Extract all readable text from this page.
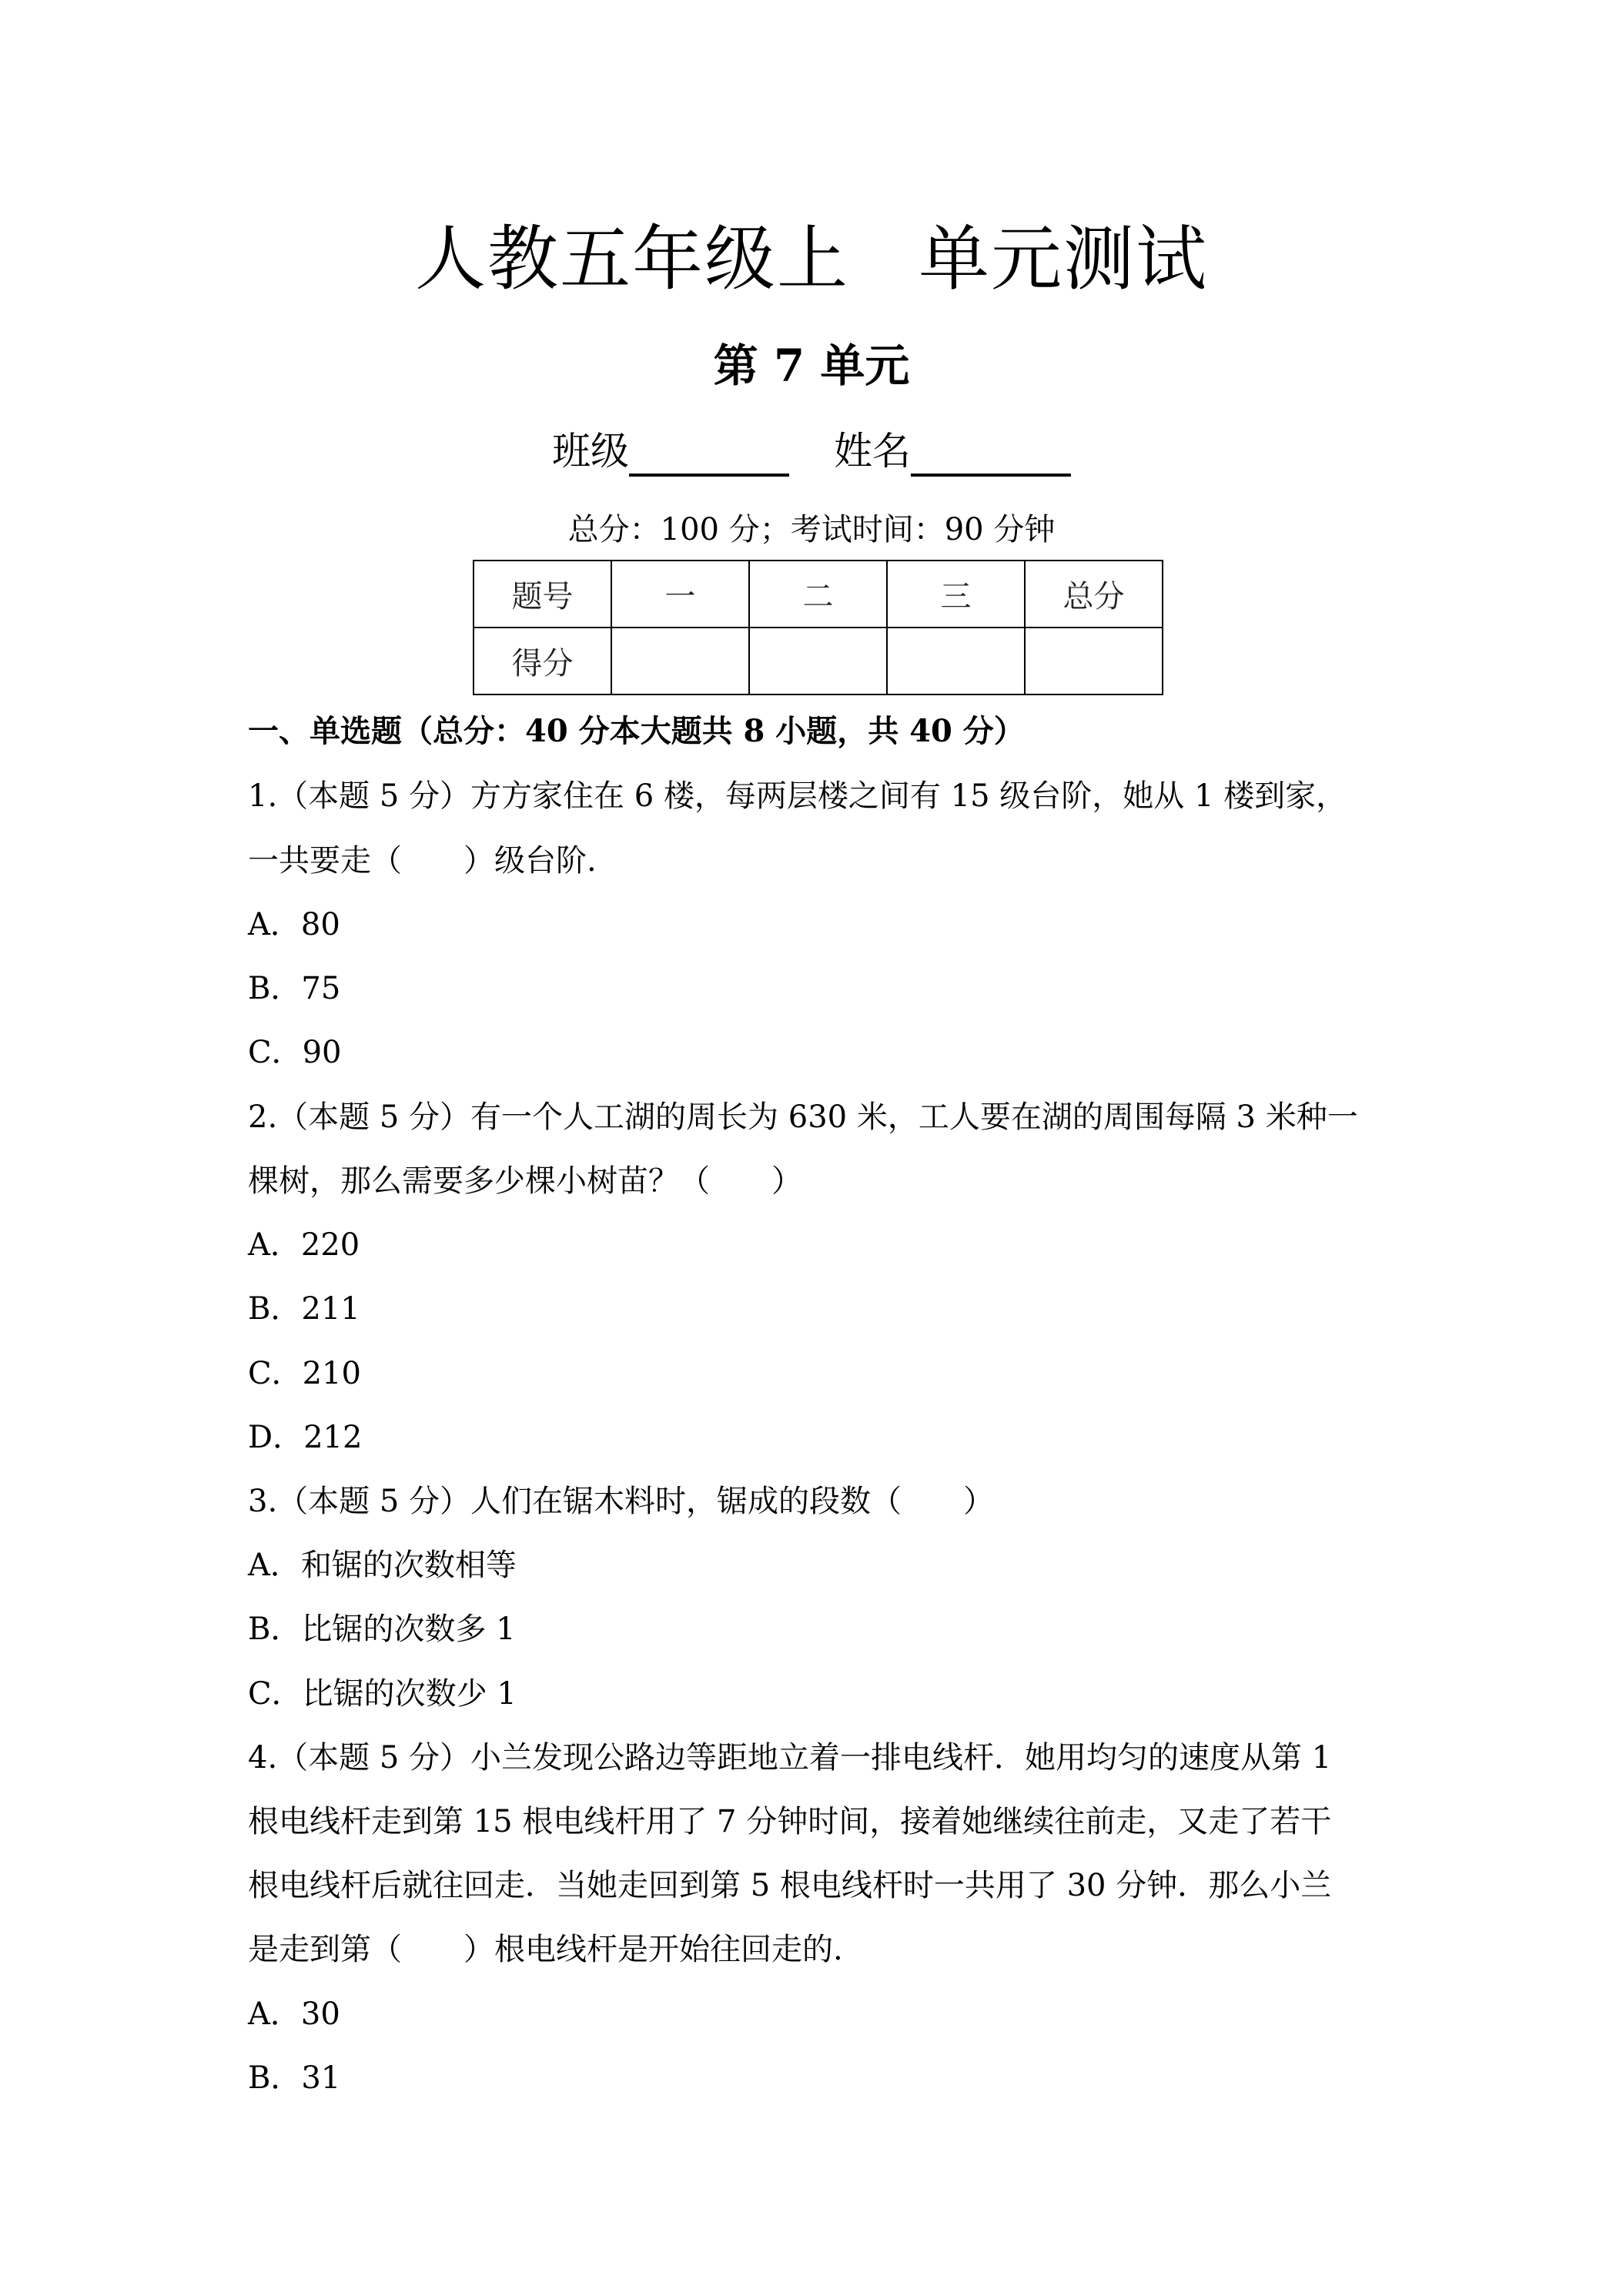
人教五年级上 单元测试
第 7 单元
班级	姓名
总分：100 分；考试时间：90 分钟
题号	一	二	三	总分
得分				
一、单选题（总分：40 分本大题共 8 小题，共 40 分）
1.（本题 5 分）方方家住在 6 楼，每两层楼之间有 15 级台阶，她从 1 楼到家，
一共要走（　　）级台阶.
A．80
B．75
C．90
2.（本题 5 分）有一个人工湖的周长为 630 米，工人要在湖的周围每隔 3 米种一
棵树，那么需要多少棵小树苗？（　　）
A．220
B．211
C．210
D．212
3.（本题 5 分）人们在锯木料时，锯成的段数（　　）
A．和锯的次数相等
B．比锯的次数多 1
C．比锯的次数少 1
4.（本题 5 分）小兰发现公路边等距地立着一排电线杆．她用均匀的速度从第 1
根电线杆走到第 15 根电线杆用了 7 分钟时间，接着她继续往前走，又走了若干
根电线杆后就往回走．当她走回到第 5 根电线杆时一共用了 30 分钟．那么小兰
是走到第（　　）根电线杆是开始往回走的.
A．30
B．31
